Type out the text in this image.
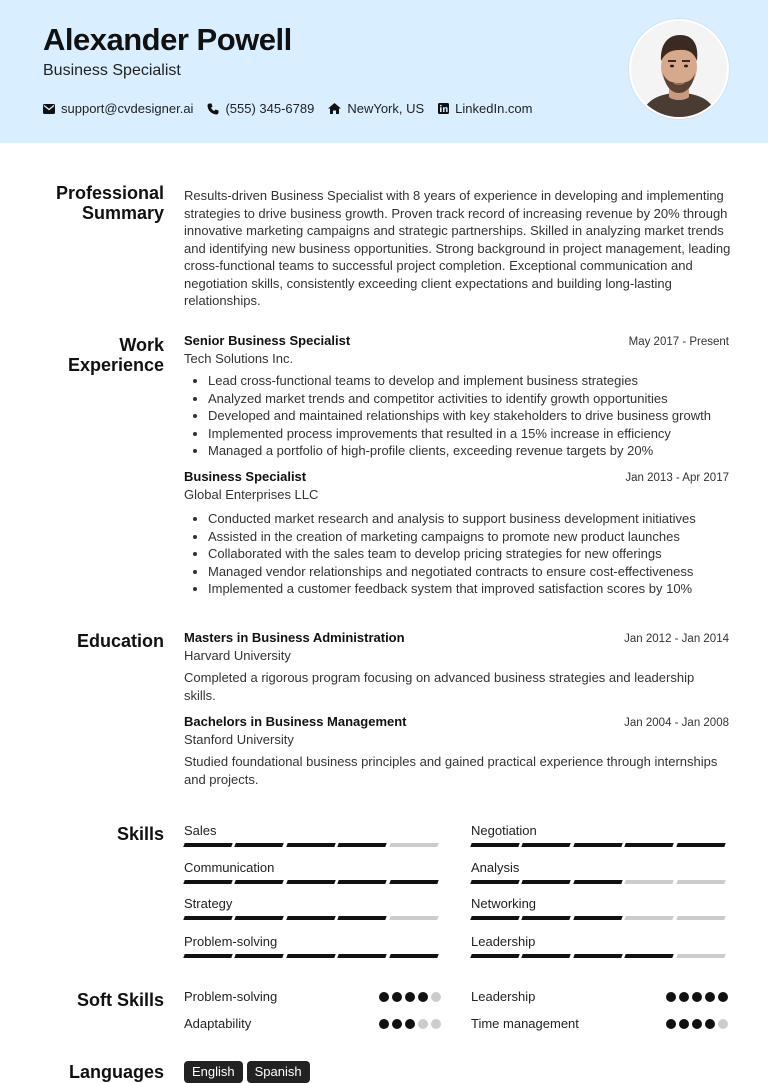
Alexander Powell
Business Specialist
support@cvdesigner.ai (555) 345-6789	NewYork, US LinkedIn.com
Professional
Summary
Results-driven Business Specialist with 8 years of experience in developing and implementing strategies to drive business growth. Proven track record of increasing revenue by 20% through innovative marketing campaigns and strategic partnerships. Skilled in analyzing market trends and identifying new business opportunities. Strong background in project management, leading cross-functional teams to successful project completion. Exceptional communication and negotiation skills, consistently exceeding client expectations and building long-lasting relationships.
Work
Experience
Senior Business Specialist	May 2017 - Present
Tech Solutions Inc.
• Lead cross-functional teams to develop and implement business strategies
• Analyzed market trends and competitor activities to identify growth opportunities
• Developed and maintained relationships with key stakeholders to drive business growth
• Implemented process improvements that resulted in a 15% increase in efficiency
• Managed a portfolio of high-profile clients, exceeding revenue targets by 20%
Business Specialist	Jan 2013 - Apr 2017
Global Enterprises LLC
• Conducted market research and analysis to support business development initiatives
• Assisted in the creation of marketing campaigns to promote new product launches
• Collaborated with the sales team to develop pricing strategies for new offerings
• Managed vendor relationships and negotiated contracts to ensure cost-effectiveness
• Implemented a customer feedback system that improved satisfaction scores by 10%
Education Masters in Business Administration	Jan 2012 - Jan 2014
Harvard University
Completed a rigorous program focusing on advanced business strategies and leadership skills.
Bachelors in Business Management	Jan 2004 - Jan 2008
Stanford University
Studied foundational business principles and gained practical experience through internships and projects.
Skills Sales	Negotiation
Communication	Analysis
Strategy	Networking
Problem-solving	Leadership
Soft Skills Problem-solving	Leadership
Adaptability	Time management
Languages	English	Spanish
